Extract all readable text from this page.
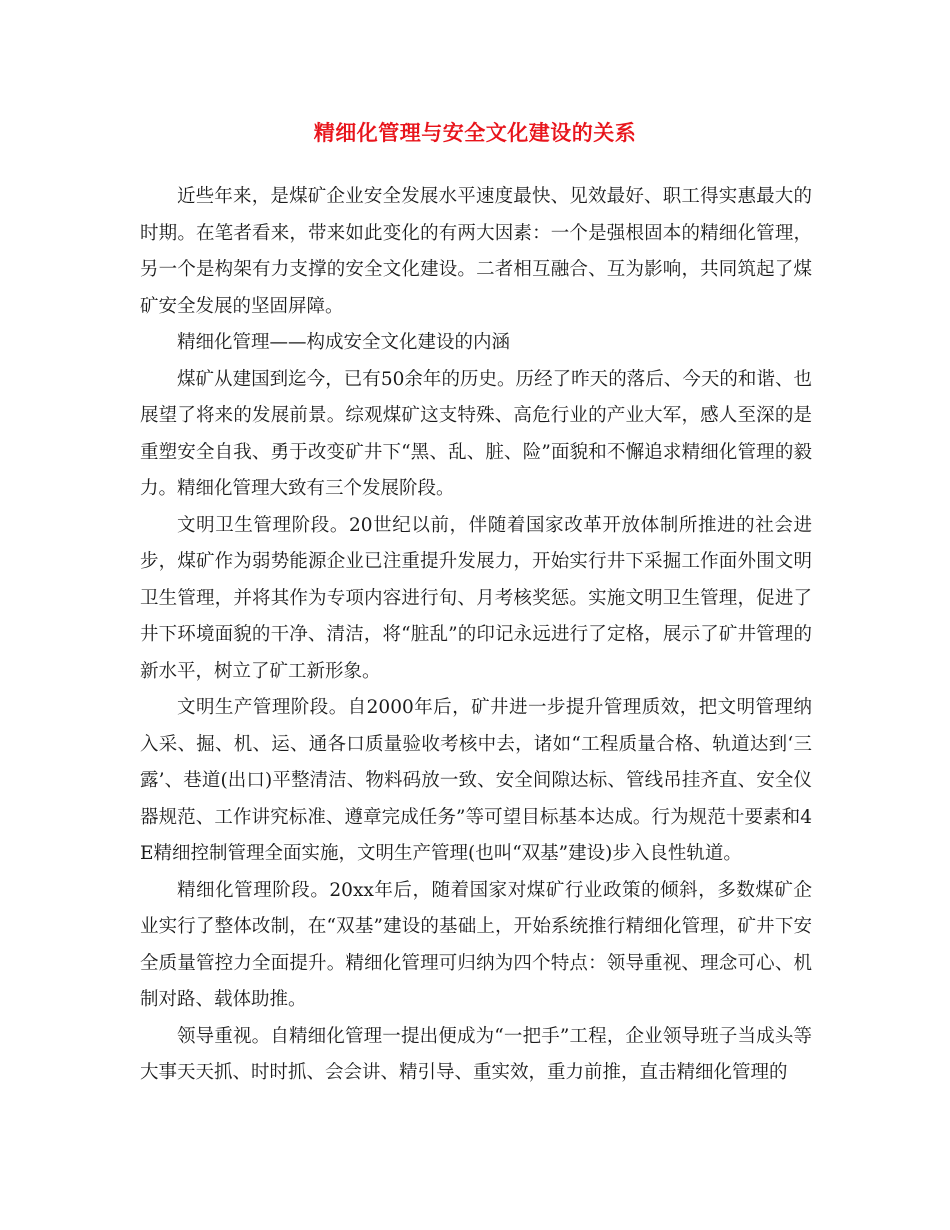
精细化管理与安全文化建设的关系

近些年来，是煤矿企业安全发展水平速度最快、见效最好、职工得实惠最大的时期。在笔者看来，带来如此变化的有两大因素：一个是强根固本的精细化管理，另一个是构架有力支撑的安全文化建设。二者相互融合、互为影响，共同筑起了煤矿安全发展的坚固屏障。

精细化管理——构成安全文化建设的内涵

煤矿从建国到迄今，已有50余年的历史。历经了昨天的落后、今天的和谐、也展望了将来的发展前景。综观煤矿这支特殊、高危行业的产业大军，感人至深的是重塑安全自我、勇于改变矿井下“黑、乱、脏、险”面貌和不懈追求精细化管理的毅力。精细化管理大致有三个发展阶段。

文明卫生管理阶段。20世纪以前，伴随着国家改革开放体制所推进的社会进步，煤矿作为弱势能源企业已注重提升发展力，开始实行井下采掘工作面外围文明卫生管理，并将其作为专项内容进行旬、月考核奖惩。实施文明卫生管理，促进了井下环境面貌的干净、清洁，将“脏乱”的印记永远进行了定格，展示了矿井管理的新水平，树立了矿工新形象。

文明生产管理阶段。自2000年后，矿井进一步提升管理质效，把文明管理纳入采、掘、机、运、通各口质量验收考核中去，诸如“工程质量合格、轨道达到‘三露’、巷道(出口)平整清洁、物料码放一致、安全间隙达标、管线吊挂齐直、安全仪器规范、工作讲究标准、遵章完成任务”等可望目标基本达成。行为规范十要素和4E精细控制管理全面实施，文明生产管理(也叫“双基”建设)步入良性轨道。

精细化管理阶段。20xx年后，随着国家对煤矿行业政策的倾斜，多数煤矿企业实行了整体改制，在“双基”建设的基础上，开始系统推行精细化管理，矿井下安全质量管控力全面提升。精细化管理可归纳为四个特点：领导重视、理念可心、机制对路、载体助推。

领导重视。自精细化管理一提出便成为“一把手”工程，企业领导班子当成头等大事天天抓、时时抓、会会讲、精引导、重实效，重力前推，直击精细化管理的
